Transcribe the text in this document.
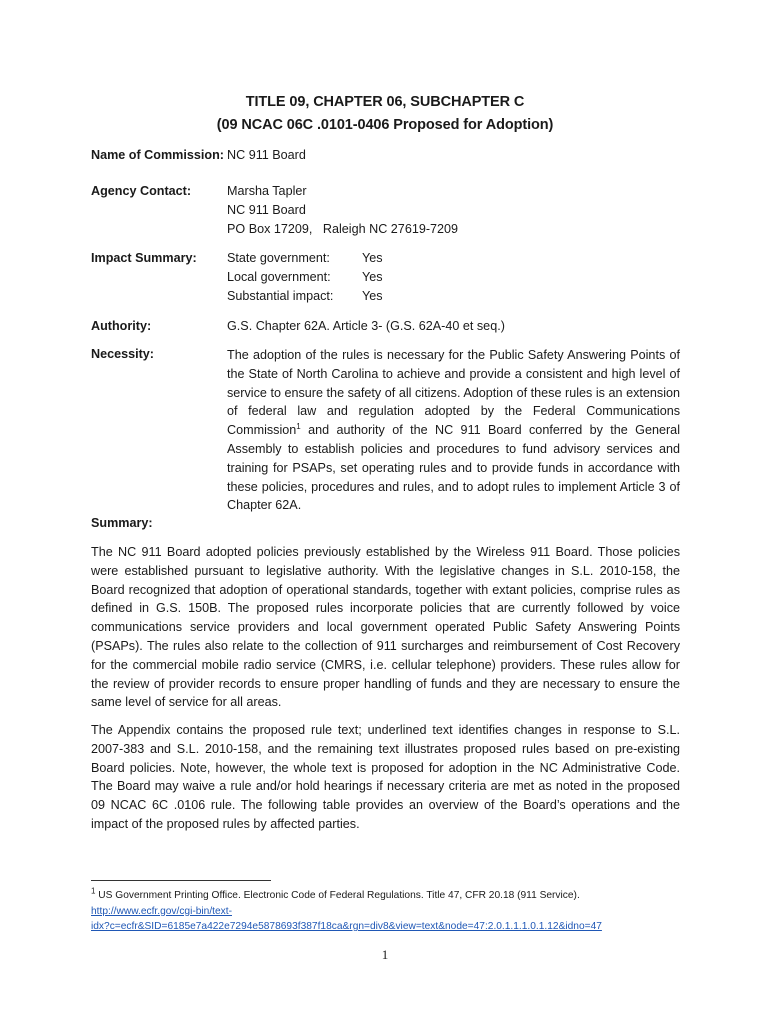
TITLE 09, CHAPTER 06, SUBCHAPTER C
(09 NCAC 06C .0101-0406 Proposed for Adoption)
Name of Commission: NC 911 Board
Agency Contact:	Marsha Tapler
NC 911 Board
PO Box 17209,   Raleigh NC 27619-7209
Impact Summary: State government:	Yes
Local government: Yes
Substantial impact: Yes
Authority:	G.S. Chapter 62A. Article 3- (G.S. 62A-40 et seq.)
Necessity:	The adoption of the rules is necessary for the Public Safety Answering Points of the State of North Carolina to achieve and provide a consistent and high level of service to ensure the safety of all citizens. Adoption of these rules is an extension of federal law and regulation adopted by the Federal Communications Commission$^1$ and authority of the NC 911 Board conferred by the General Assembly to establish policies and procedures to fund advisory services and training for PSAPs, set operating rules and to provide funds in accordance with these policies, procedures and rules, and to adopt rules to implement Article 3 of Chapter 62A.

Summary:

The NC 911 Board adopted policies previously established by the Wireless 911 Board. Those policies were established pursuant to legislative authority. With the legislative changes in S.L. 2010-158, the Board recognized that adoption of operational standards, together with extant policies, comprise rules as defined in G.S. 150B. The proposed rules incorporate policies that are currently followed by voice communications service providers and local government operated Public Safety Answering Points (PSAPs). The rules also relate to the collection of 911 surcharges and reimbursement of Cost Recovery for the commercial mobile radio service (CMRS, i.e. cellular telephone) providers. These rules allow for the review of provider records to ensure proper handling of funds and they are necessary to ensure the same level of service for all areas.

The Appendix contains the proposed rule text; underlined text identifies changes in response to S.L. 2007-383 and S.L. 2010-158, and the remaining text illustrates proposed rules based on pre-existing Board policies. Note, however, the whole text is proposed for adoption in the NC Administrative Code. The Board may waive a rule and/or hold hearings if necessary criteria are met as noted in the proposed 09 NCAC 6C .0106 rule. The following table provides an overview of the Board’s operations and the impact of the proposed rules by affected parties.

$^1$ US Government Printing Office. Electronic Code of Federal Regulations. Title 47, CFR 20.18 (911 Service).
http://www.ecfr.gov/cgi-bin/text-
idx?c=ecfr&SID=6185e7a422e7294e5878693f387f18ca&rgn=div8&view=text&node=47:2.0.1.1.1.0.1.12&idno=47
1
